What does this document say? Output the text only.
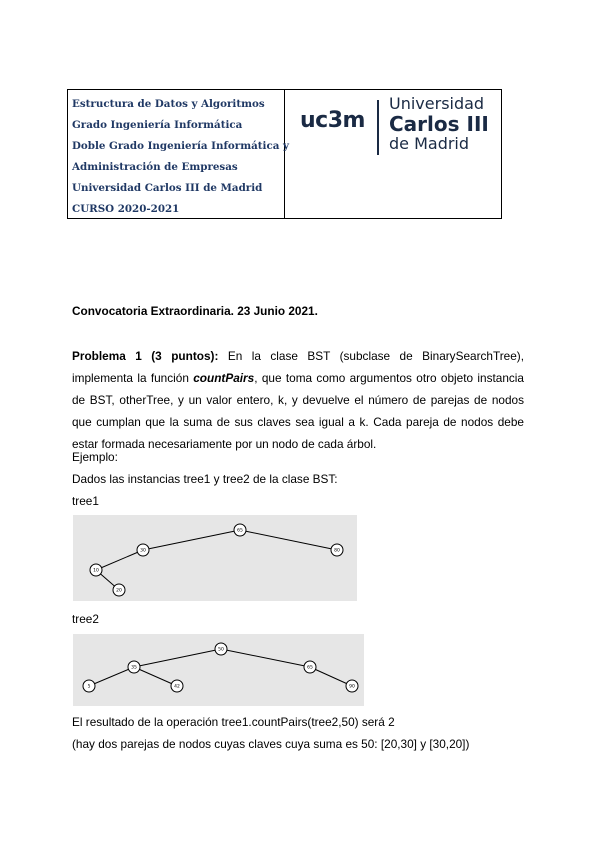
Estructura de Datos y Algoritmos
Grado Ingeniería Informática
Doble Grado Ingeniería Informática y
Administración de Empresas
Universidad Carlos III de Madrid
CURSO 2020-2021
uc3m
Universidad
Carlos III
de Madrid
Convocatoria Extraordinaria. 23 Junio 2021.
Problema 1 (3 puntos): En la clase BST (subclase de BinarySearchTree), implementa la función countPairs, que toma como argumentos otro objeto instancia de BST, otherTree, y un valor entero, k, y devuelve el número de parejas de nodos que cumplan que la suma de sus claves sea igual a k. Cada pareja de nodos debe estar formada necesariamente por un nodo de cada árbol.
Ejemplo:
Dados las instancias tree1 y tree2 de la clase BST:
tree1
65
30	80
10
20
tree2
50
35	65
5	42	90
El resultado de la operación tree1.countPairs(tree2,50) será 2
(hay dos parejas de nodos cuyas claves cuya suma es 50: [20,30] y [30,20])
